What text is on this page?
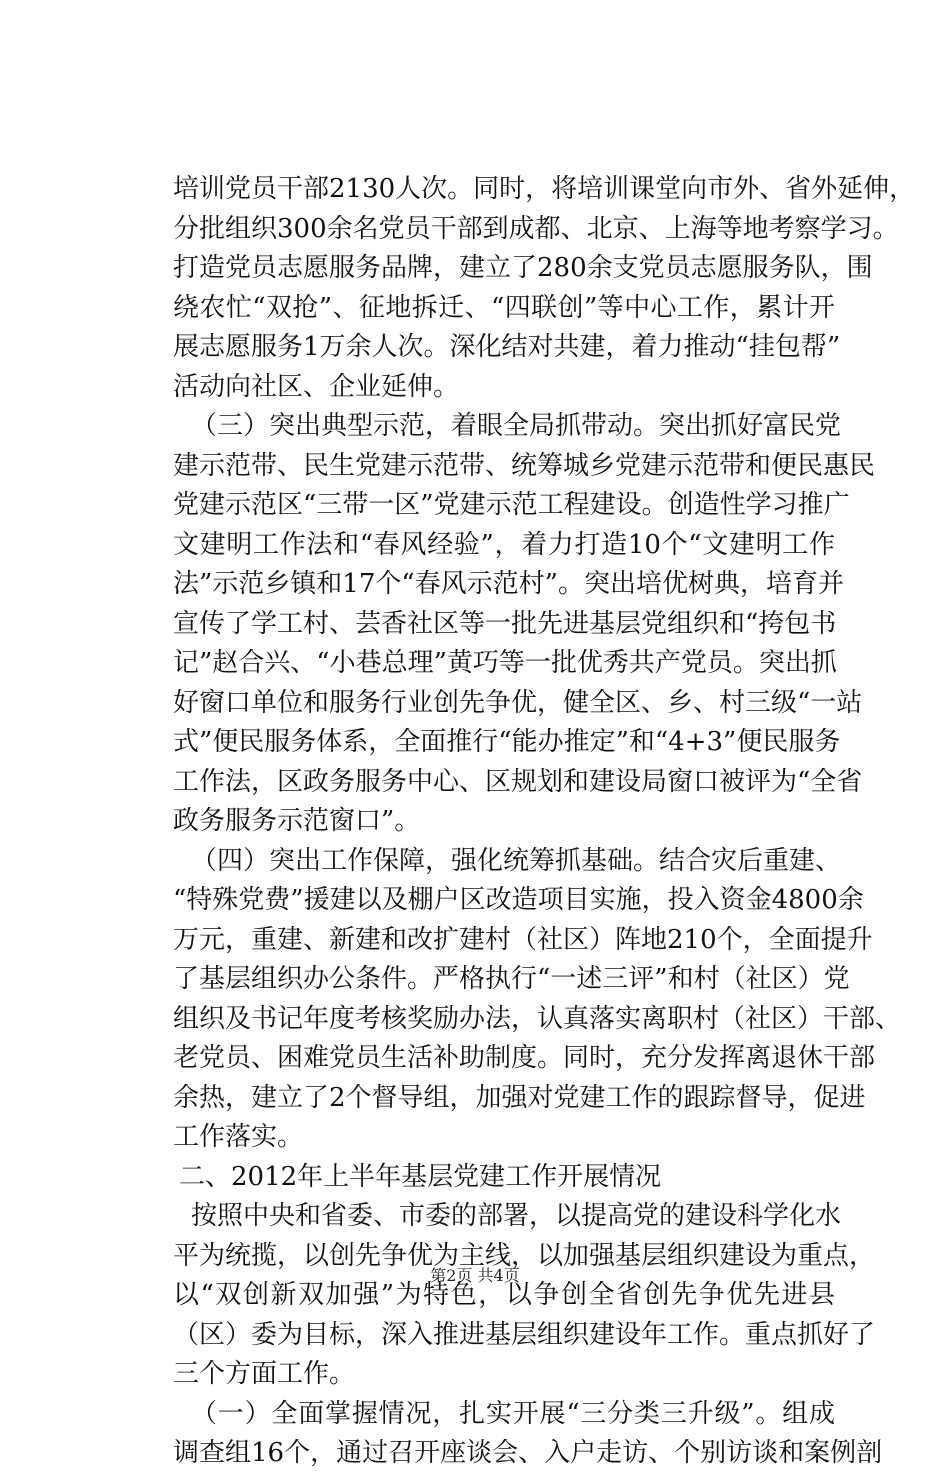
培训党员干部2130人次。同时，将培训课堂向市外、省外延伸，
分批组织300余名党员干部到成都、北京、上海等地考察学习。
打造党员志愿服务品牌，建立了280余支党员志愿服务队，围
绕农忙“双抢”、征地拆迁、“四联创”等中心工作，累计开
展志愿服务1万余人次。深化结对共建，着力推动“挂包帮”
活动向社区、企业延伸。
（三）突出典型示范，着眼全局抓带动。突出抓好富民党
建示范带、民生党建示范带、统筹城乡党建示范带和便民惠民
党建示范区“三带一区”党建示范工程建设。创造性学习推广
文建明工作法和“春风经验”，着力打造10个“文建明工作
法”示范乡镇和17个“春风示范村”。突出培优树典，培育并
宣传了学工村、芸香社区等一批先进基层党组织和“挎包书
记”赵合兴、“小巷总理”黄巧等一批优秀共产党员。突出抓
好窗口单位和服务行业创先争优，健全区、乡、村三级“一站
式”便民服务体系，全面推行“能办推定”和“4+3”便民服务
工作法，区政务服务中心、区规划和建设局窗口被评为“全省
政务服务示范窗口”。
（四）突出工作保障，强化统筹抓基础。结合灾后重建、
“特殊党费”援建以及棚户区改造项目实施，投入资金4800余
万元，重建、新建和改扩建村（社区）阵地210个，全面提升
了基层组织办公条件。严格执行“一述三评”和村（社区）党
组织及书记年度考核奖励办法，认真落实离职村（社区）干部、
老党员、困难党员生活补助制度。同时，充分发挥离退休干部
余热，建立了2个督导组，加强对党建工作的跟踪督导，促进
工作落实。
二、2012年上半年基层党建工作开展情况
按照中央和省委、市委的部署，以提高党的建设科学化水
平为统揽，以创先争优为主线，以加强基层组织建设为重点，
以“双创新双加强”为特色，以争创全省创先争优先进县
（区）委为目标，深入推进基层组织建设年工作。重点抓好了
三个方面工作。
（一）全面掌握情况，扎实开展“三分类三升级”。组成
调查组16个，通过召开座谈会、入户走访、个别访谈和案例剖
第2页 共4页
